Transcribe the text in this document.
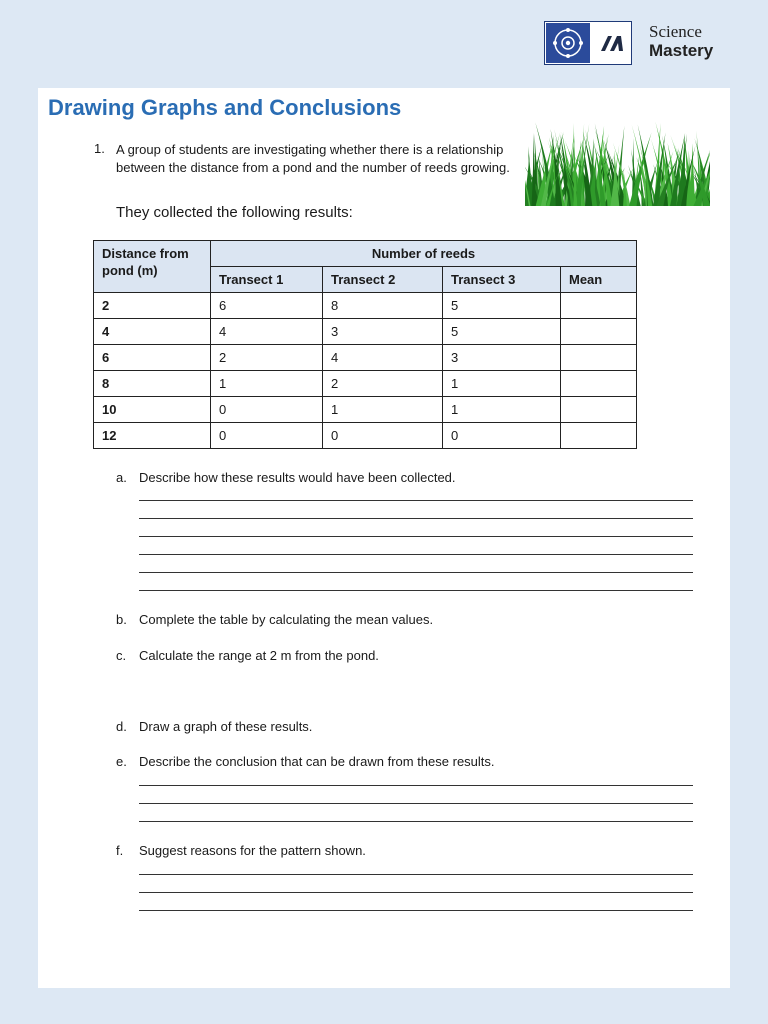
Science
Mastery
Drawing Graphs and Conclusions
1. A group of students are investigating whether there is a relationship between the distance from a pond and the number of reeds growing.
They collected the following results:
Distance from pond (m)	Number of reeds			
	Transect 1	Transect 2	Transect 3	Mean
2	6	8	5	
4	4	3	5	
6	2	4	3	
8	1	2	1	
10	0	1	1	
12	0	0	0	
a. Describe how these results would have been collected.
b. Complete the table by calculating the mean values.
c. Calculate the range at 2 m from the pond.
d. Draw a graph of these results.
e. Describe the conclusion that can be drawn from these results.
f. Suggest reasons for the pattern shown.
